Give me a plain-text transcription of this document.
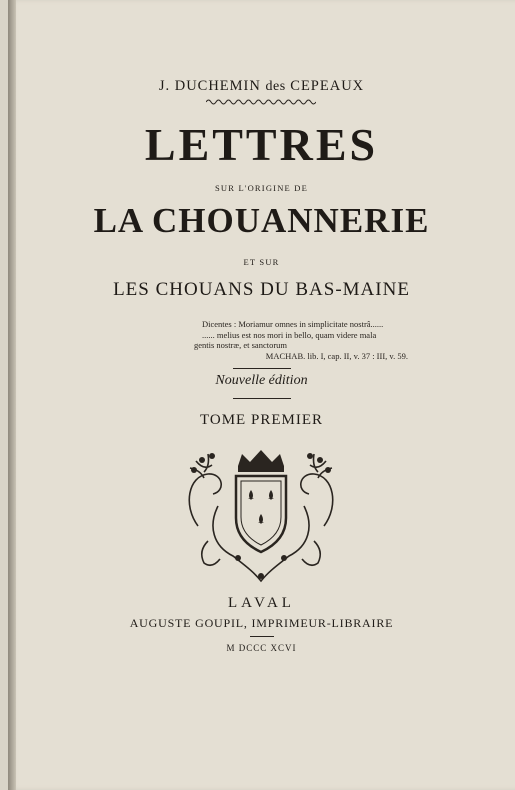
J. DUCHEMIN des CEPEAUX
LETTRES
SUR L'ORIGINE DE
LA CHOUANNERIE
ET SUR
LES CHOUANS DU BAS-MAINE
Dicentes : Moriamur omnes in simplicitate nostrâ......
...... melius est nos mori in bello, quam videre mala
gentis nostræ, et sanctorum
MACHAB. lib. I, cap. II, v. 37 : III, v. 59.
Nouvelle édition
TOME PREMIER
LAVAL
AUGUSTE GOUPIL, IMPRIMEUR-LIBRAIRE
M DCCC XCVI
